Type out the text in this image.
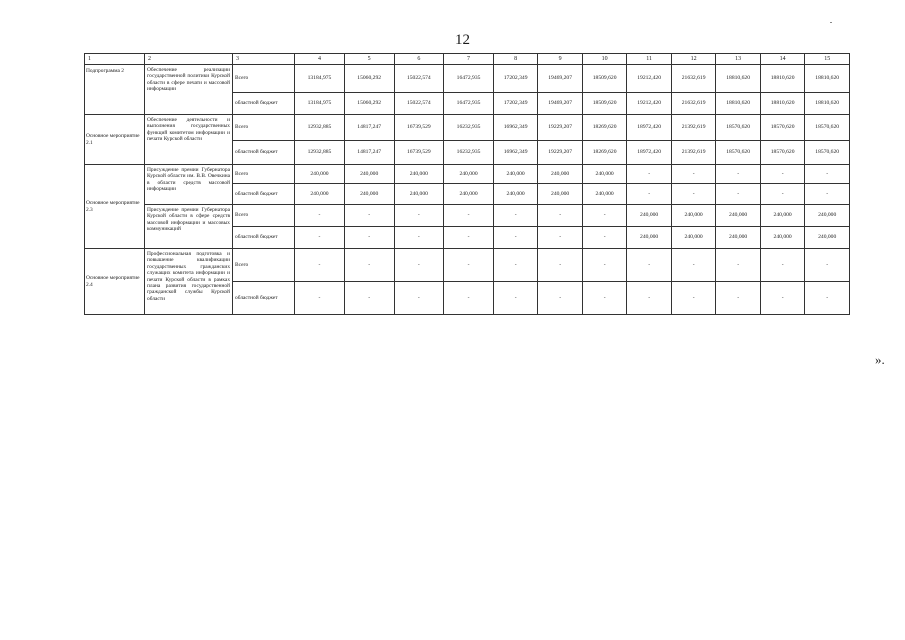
12
1	2	3	4	5	6	7	8	9	10	11	12	13	14	15
Подпрограмма 2	Обеспечение реализации государственной политики Курской области в сфере печати и массовой информации	Всего	13184,975	15060,292	15022,574	16472,935	17202,349	19469,207	18509,620	19212,420	21632,619	18810,620	18810,620	18810,620
		областной бюджет	13184,975	15060,292	15022,574	16472,935	17202,349	19469,207	18509,620	19212,420	21632,619	18810,620	18810,620	18810,620
Основное мероприятие 2.1	Обеспечение деятельности и выполнения государственных функций комитетом информации и печати Курской области	Всего	12932,885	14817,247	16739,529	16232,935	16962,349	19229,207	18269,620	18972,420	21392,619	18570,620	18570,620	18570,620
		областной бюджет	12932,885	14817,247	16739,529	16232,935	16962,349	19229,207	18269,620	18972,420	21392,619	18570,620	18570,620	18570,620
Основное мероприятие 2.3	Присуждение премии Губернатора Курской области им. В.В. Овечкина в области средств массовой информации	Всего	240,000	240,000	240,000	240,000	240,000	240,000	240,000	-	-	-	-	-
		областной бюджет	240,000	240,000	240,000	240,000	240,000	240,000	240,000	-	-	-	-	-
	Присуждение премии Губернатора Курской области в сфере средств массовой информации и массовых коммуникаций	Всего	-	-	-	-	-	-	-	240,000	240,000	240,000	240,000	240,000
		областной бюджет	-	-	-	-	-	-	-	240,000	240,000	240,000	240,000	240,000
Основное мероприятие 2.4	Профессиональная подготовка и повышение квалификации государственных гражданских служащих комитета информации и печати Курской области в рамках плана развития государственной гражданской службы Курской области	Всего	-	-	-	-	-	-	-	-	-	-	-	-
		областной бюджет	-	-	-	-	-	-	-	-	-	-	-	-
».
